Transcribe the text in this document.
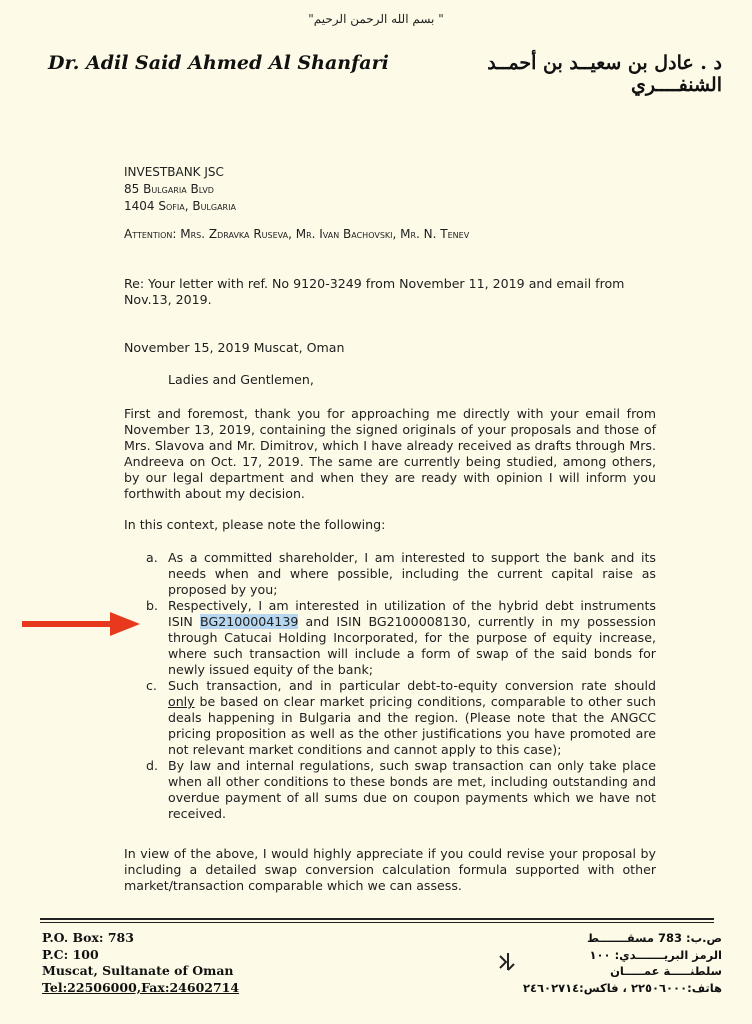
"بسم الله الرحمن الرحيم "
Dr. Adil Said Ahmed Al Shanfari	د . عادل بن سعيــد بن أحمــد الشنفــــري
INVESTBANK JSC
85 Bulgaria Blvd
1404 Sofia, Bulgaria
Attention: Mrs. Zdravka Ruseva, Mr. Ivan Bachovski, Mr. N. Tenev
Re: Your letter with ref. No 9120-3249 from November 11, 2019 and email from Nov.13, 2019.
November 15, 2019 Muscat, Oman
Ladies and Gentlemen,
First and foremost, thank you for approaching me directly with your email from November 13, 2019, containing the signed originals of your proposals and those of Mrs. Slavova and Mr. Dimitrov, which I have already received as drafts through Mrs. Andreeva on Oct. 17, 2019. The same are currently being studied, among others, by our legal department and when they are ready with opinion I will inform you forthwith about my decision.
In this context, please note the following:
a. As a committed shareholder, I am interested to support the bank and its needs when and where possible, including the current capital raise as proposed by you;
b. Respectively, I am interested in utilization of the hybrid debt instruments ISIN BG2100004139 and ISIN BG2100008130, currently in my possession through Catucai Holding Incorporated, for the purpose of equity increase, where such transaction will include a form of swap of the said bonds for newly issued equity of the bank;
c. Such transaction, and in particular debt-to-equity conversion rate should only be based on clear market pricing conditions, comparable to other such deals happening in Bulgaria and the region. (Please note that the ANGCC pricing proposition as well as the other justifications you have promoted are not relevant market conditions and cannot apply to this case);
d. By law and internal regulations, such swap transaction can only take place when all other conditions to these bonds are met, including outstanding and overdue payment of all sums due on coupon payments which we have not received.
In view of the above, I would highly appreciate if you could revise your proposal by including a detailed swap conversion calculation formula supported with other market/transaction comparable which we can assess.
P.O. Box: 783
P.C: 100
Muscat, Sultanate of Oman
Tel:22506000,Fax:24602714
ص.ب: 783 مسقـــــــط
الرمز البريـــــــدي: ١٠٠
سلطنـــــة عمـــــان
هاتف:٢٢٥٠٦٠٠٠ ، فاكس:٢٤٦٠٢٧١٤
